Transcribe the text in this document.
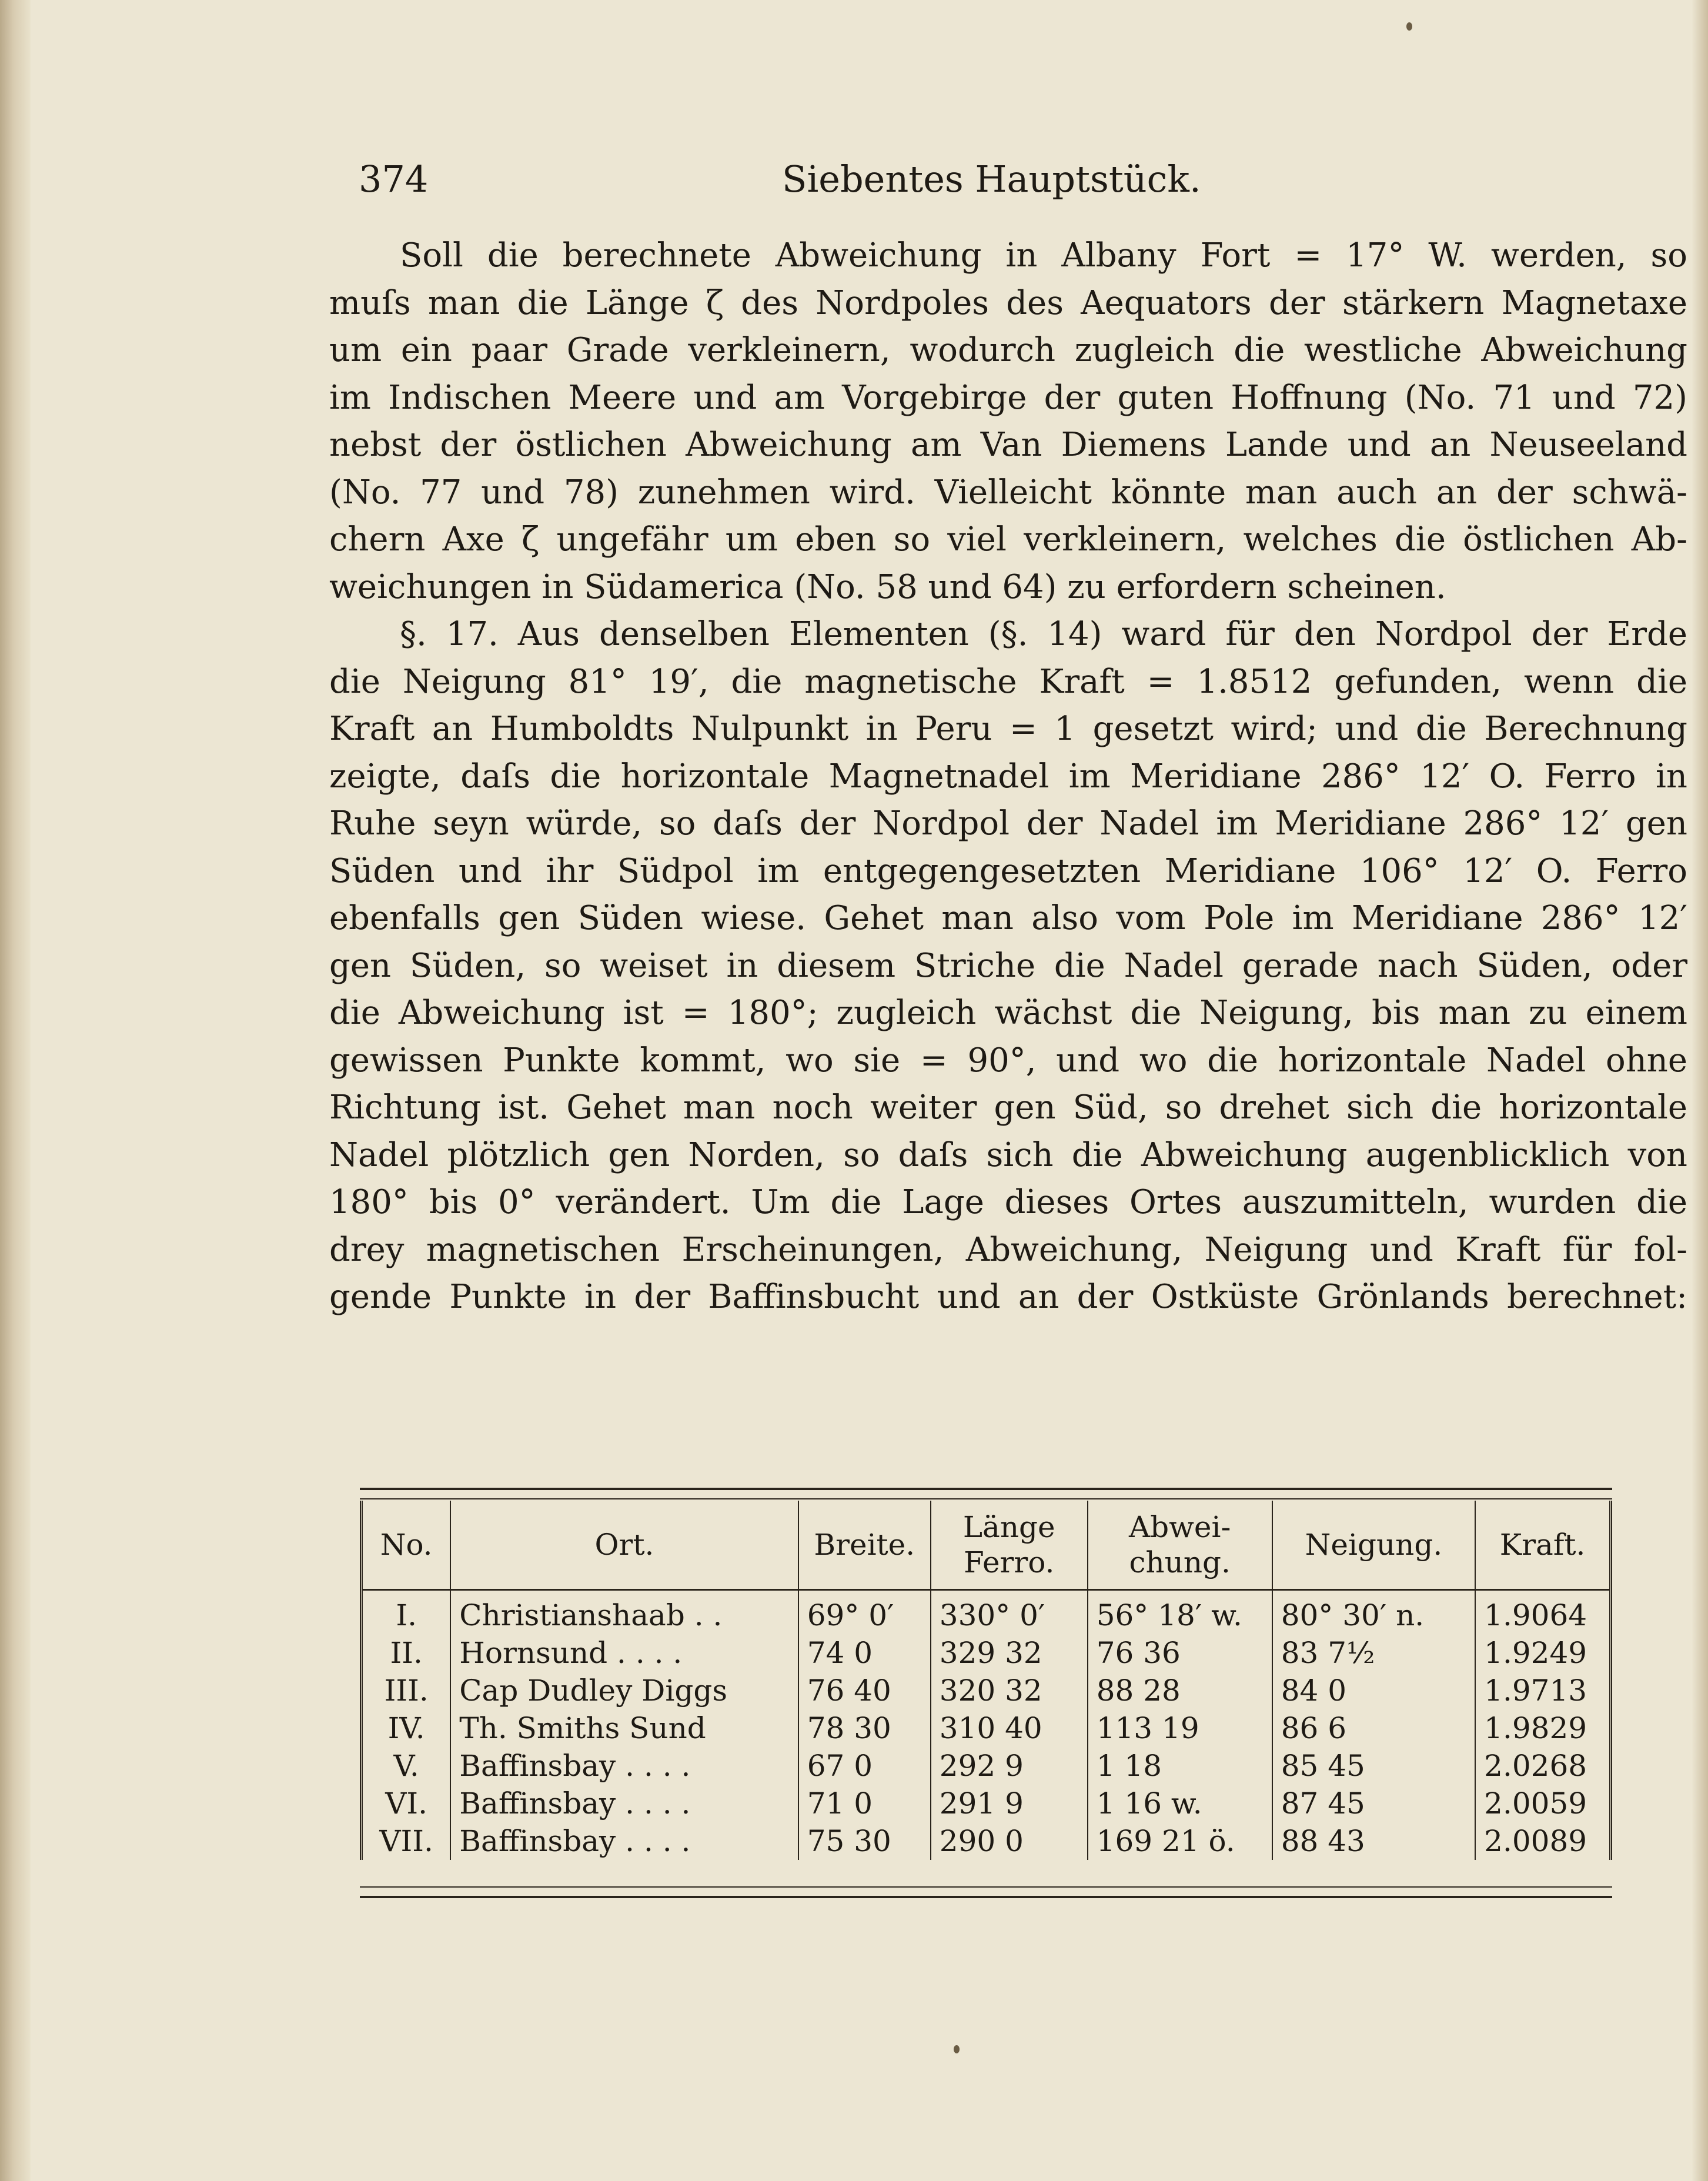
374	Siebentes Hauptstück.
Soll die berechnete Abweichung in Albany Fort = 17° W. werden, so
muſs man die Länge ζ des Nordpoles des Aequators der stärkern Magnetaxe
um ein paar Grade verkleinern, wodurch zugleich die westliche Abweichung
im Indischen Meere und am Vorgebirge der guten Hoffnung (No. 71 und 72)
nebst der östlichen Abweichung am Van Diemens Lande und an Neuseeland
(No. 77 und 78) zunehmen wird. Vielleicht könnte man auch an der schwä-
chern Axe ζ ungefähr um eben so viel verkleinern, welches die östlichen Ab-
weichungen in Südamerica (No. 58 und 64) zu erfordern scheinen.
§. 17. Aus denselben Elementen (§. 14) ward für den Nordpol der Erde
die Neigung 81° 19′, die magnetische Kraft = 1.8512 gefunden, wenn die
Kraft an Humboldts Nulpunkt in Peru = 1 gesetzt wird; und die Berechnung
zeigte, daſs die horizontale Magnetnadel im Meridiane 286° 12′ O. Ferro in
Ruhe seyn würde, so daſs der Nordpol der Nadel im Meridiane 286° 12′ gen
Süden und ihr Südpol im entgegengesetzten Meridiane 106° 12′ O. Ferro
ebenfalls gen Süden wiese. Gehet man also vom Pole im Meridiane 286° 12′
gen Süden, so weiset in diesem Striche die Nadel gerade nach Süden, oder
die Abweichung ist = 180°; zugleich wächst die Neigung, bis man zu einem
gewissen Punkte kommt, wo sie = 90°, und wo die horizontale Nadel ohne
Richtung ist. Gehet man noch weiter gen Süd, so drehet sich die horizontale
Nadel plötzlich gen Norden, so daſs sich die Abweichung augenblicklich von
180° bis 0° verändert. Um die Lage dieses Ortes auszumitteln, wurden die
drey magnetischen Erscheinungen, Abweichung, Neigung und Kraft für fol-
gende Punkte in der Baffinsbucht und an der Ostküste Grönlands berechnet:
No.	Ort.	Breite.	Länge Ferro.	Abwei- chung.	Neigung.	Kraft.
I.	Christianshaab . .	69° 0′	330° 0′	56° 18′ w.	80° 30′ n.	1.9064
II.	Hornsund . . . .	74 0	329 32	76 36	83 7½	1.9249
III.	Cap Dudley Diggs	76 40	320 32	88 28	84 0	1.9713
IV.	Th. Smiths Sund	78 30	310 40	113 19	86 6	1.9829
V.	Baffinsbay . . . .	67 0	292 9	1 18	85 45	2.0268
VI.	Baffinsbay . . . .	71 0	291 9	1 16 w.	87 45	2.0059
VII.	Baffinsbay . . . .	75 30	290 0	169 21 ö.	88 43	2.0089
